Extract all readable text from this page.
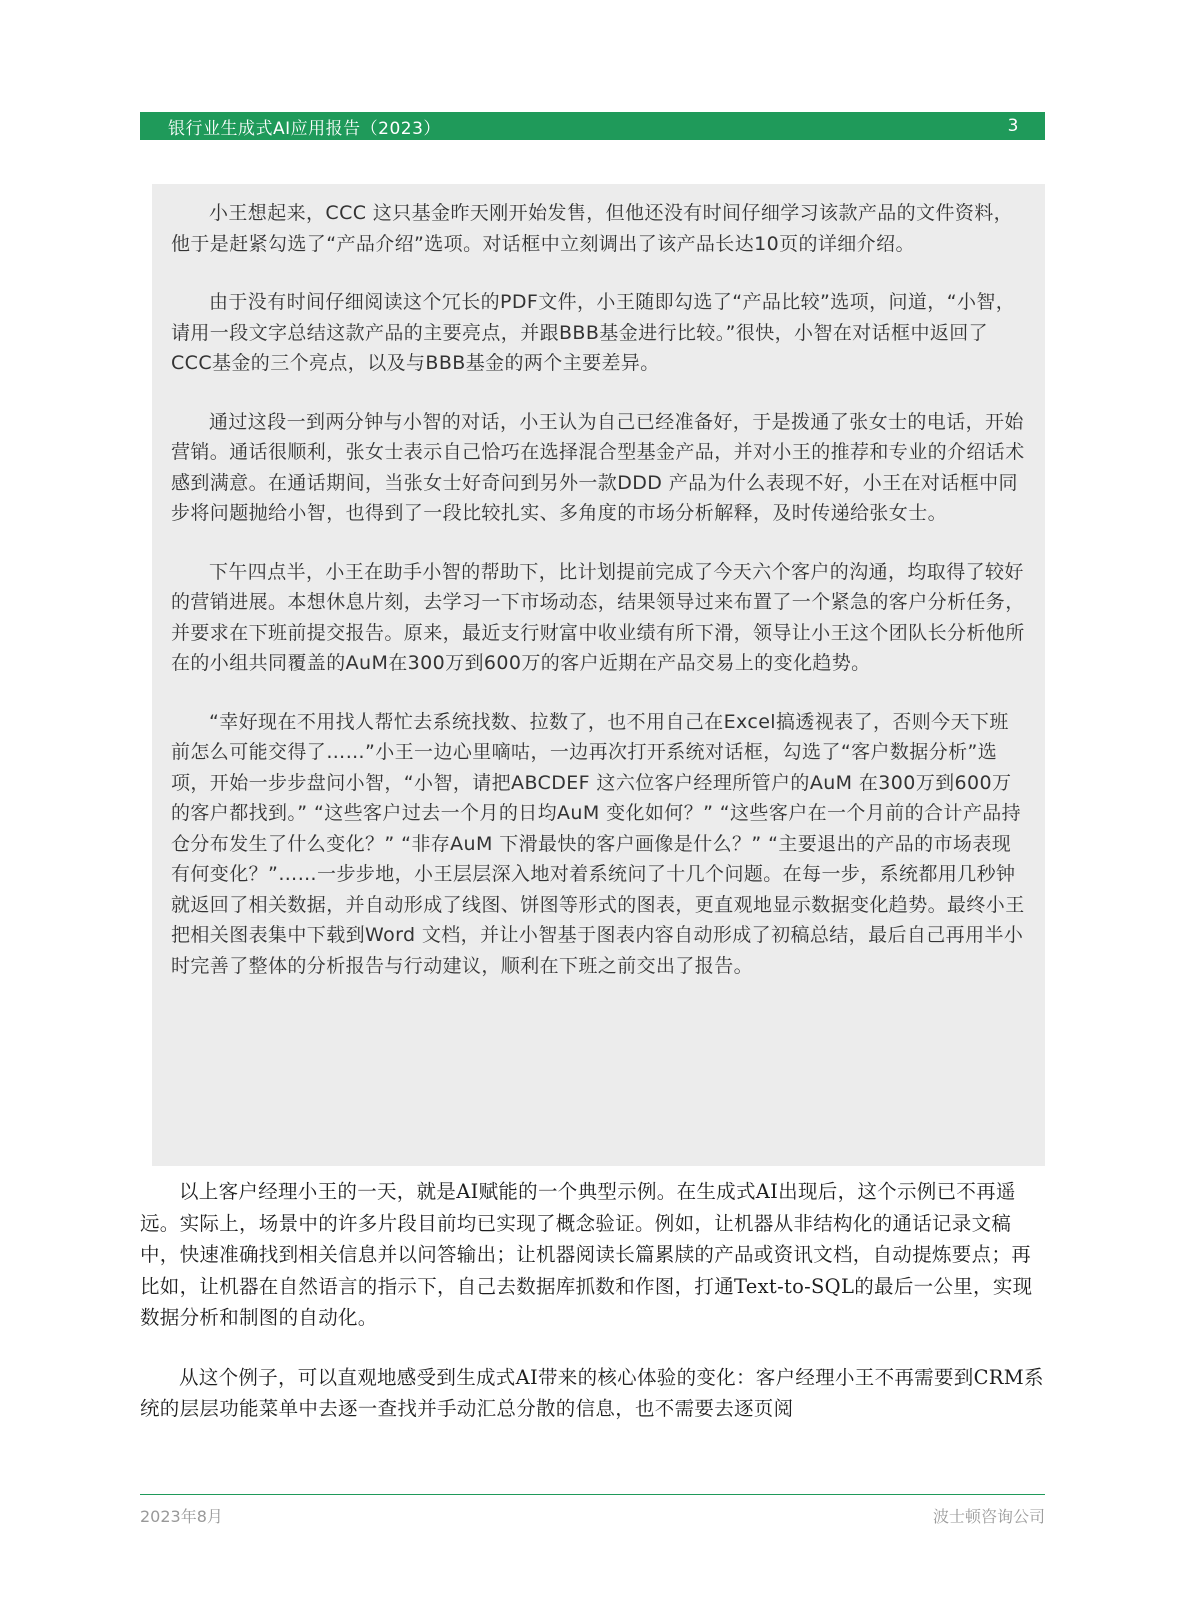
银行业生成式AI应用报告（2023）	3

小王想起来，CCC 这只基金昨天刚开始发售，但他还没有时间仔细学习该款产品的文件资料，他于是赶紧勾选了“产品介绍”选项。对话框中立刻调出了该产品长达10页的详细介绍。

由于没有时间仔细阅读这个冗长的PDF文件，小王随即勾选了“产品比较”选项，问道，“小智，请用一段文字总结这款产品的主要亮点，并跟BBB基金进行比较。”很快，小智在对话框中返回了CCC基金的三个亮点，以及与BBB基金的两个主要差异。

通过这段一到两分钟与小智的对话，小王认为自己已经准备好，于是拨通了张女士的电话，开始营销。通话很顺利，张女士表示自己恰巧在选择混合型基金产品，并对小王的推荐和专业的介绍话术感到满意。在通话期间，当张女士好奇问到另外一款DDD 产品为什么表现不好，小王在对话框中同步将问题抛给小智，也得到了一段比较扎实、多角度的市场分析解释，及时传递给张女士。

下午四点半，小王在助手小智的帮助下，比计划提前完成了今天六个客户的沟通，均取得了较好的营销进展。本想休息片刻，去学习一下市场动态，结果领导过来布置了一个紧急的客户分析任务，并要求在下班前提交报告。原来，最近支行财富中收业绩有所下滑，领导让小王这个团队长分析他所在的小组共同覆盖的AuM在300万到600万的客户近期在产品交易上的变化趋势。

“幸好现在不用找人帮忙去系统找数、拉数了，也不用自己在Excel搞透视表了，否则今天下班前怎么可能交得了……”小王一边心里嘀咕，一边再次打开系统对话框，勾选了“客户数据分析”选项，开始一步步盘问小智，“小智，请把ABCDEF 这六位客户经理所管户的AuM 在300万到600万的客户都找到。” “这些客户过去一个月的日均AuM 变化如何？” “这些客户在一个月前的合计产品持仓分布发生了什么变化？” “非存AuM 下滑最快的客户画像是什么？” “主要退出的产品的市场表现有何变化？”……一步步地，小王层层深入地对着系统问了十几个问题。在每一步，系统都用几秒钟就返回了相关数据，并自动形成了线图、饼图等形式的图表，更直观地显示数据变化趋势。最终小王把相关图表集中下载到Word 文档，并让小智基于图表内容自动形成了初稿总结，最后自己再用半小时完善了整体的分析报告与行动建议，顺利在下班之前交出了报告。

以上客户经理小王的一天，就是AI赋能的一个典型示例。在生成式AI出现后，这个示例已不再遥远。实际上，场景中的许多片段目前均已实现了概念验证。例如，让机器从非结构化的通话记录文稿中，快速准确找到相关信息并以问答输出；让机器阅读长篇累牍的产品或资讯文档，自动提炼要点；再比如，让机器在自然语言的指示下，自己去数据库抓数和作图，打通Text-to-SQL的最后一公里，实现数据分析和制图的自动化。

从这个例子，可以直观地感受到生成式AI带来的核心体验的变化：客户经理小王不再需要到CRM系统的层层功能菜单中去逐一查找并手动汇总分散的信息，也不需要去逐页阅

2023年8月	波士顿咨询公司
